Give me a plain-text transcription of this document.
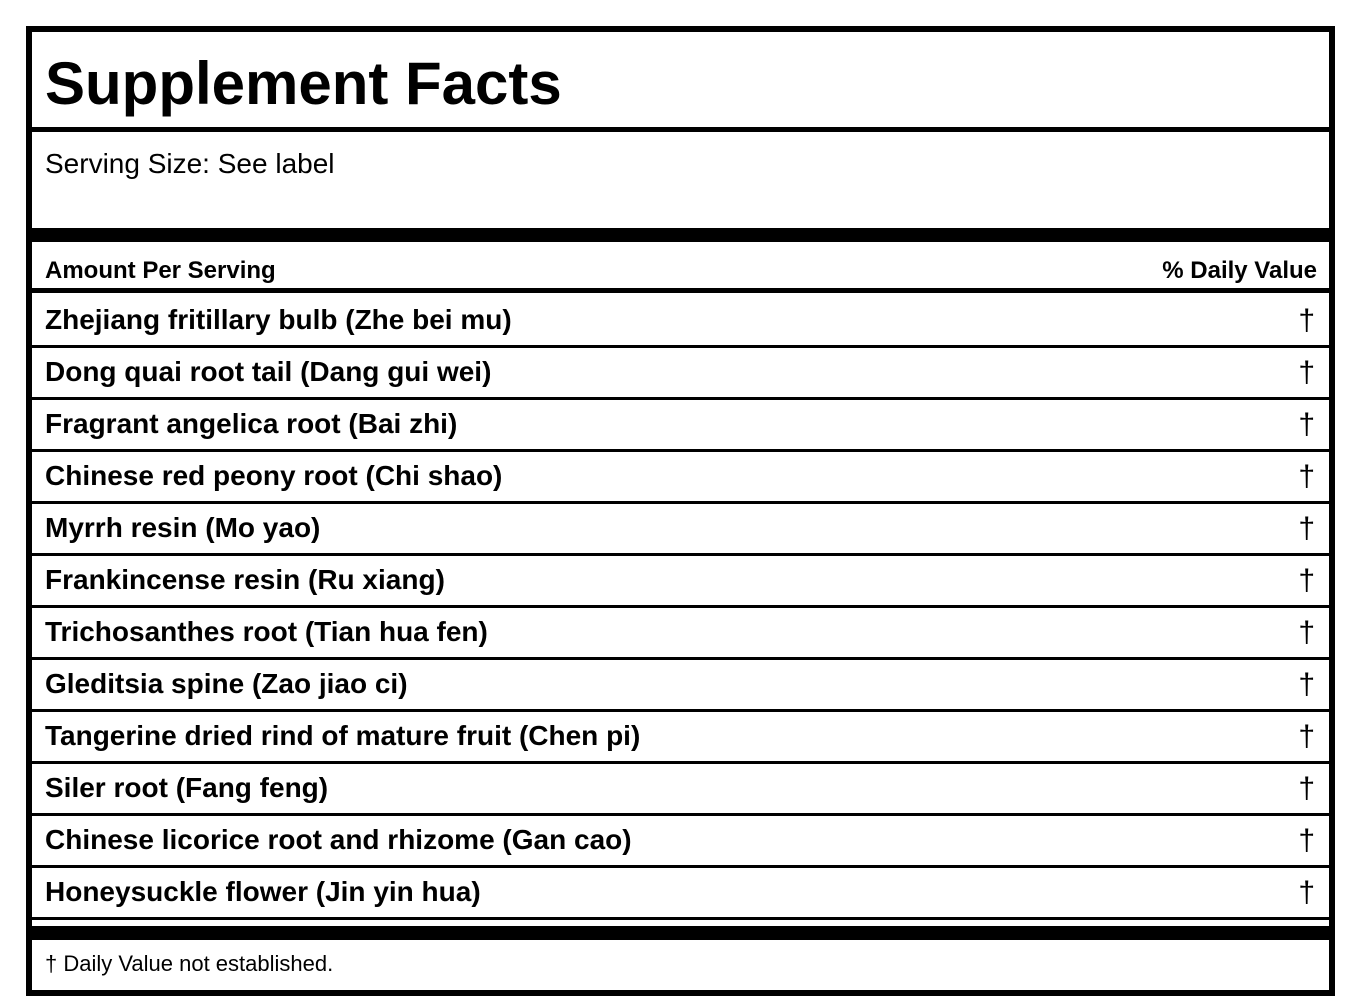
Supplement Facts
Serving Size: See label
Amount Per Serving	% Daily Value
Zhejiang fritillary bulb (Zhe bei mu)	†
Dong quai root tail (Dang gui wei)	†
Fragrant angelica root (Bai zhi)	†
Chinese red peony root (Chi shao)	†
Myrrh resin (Mo yao)	†
Frankincense resin (Ru xiang)	†
Trichosanthes root (Tian hua fen)	†
Gleditsia spine (Zao jiao ci)	†
Tangerine dried rind of mature fruit (Chen pi)	†
Siler root (Fang feng)	†
Chinese licorice root and rhizome (Gan cao)	†
Honeysuckle flower (Jin yin hua)	†
† Daily Value not established.
